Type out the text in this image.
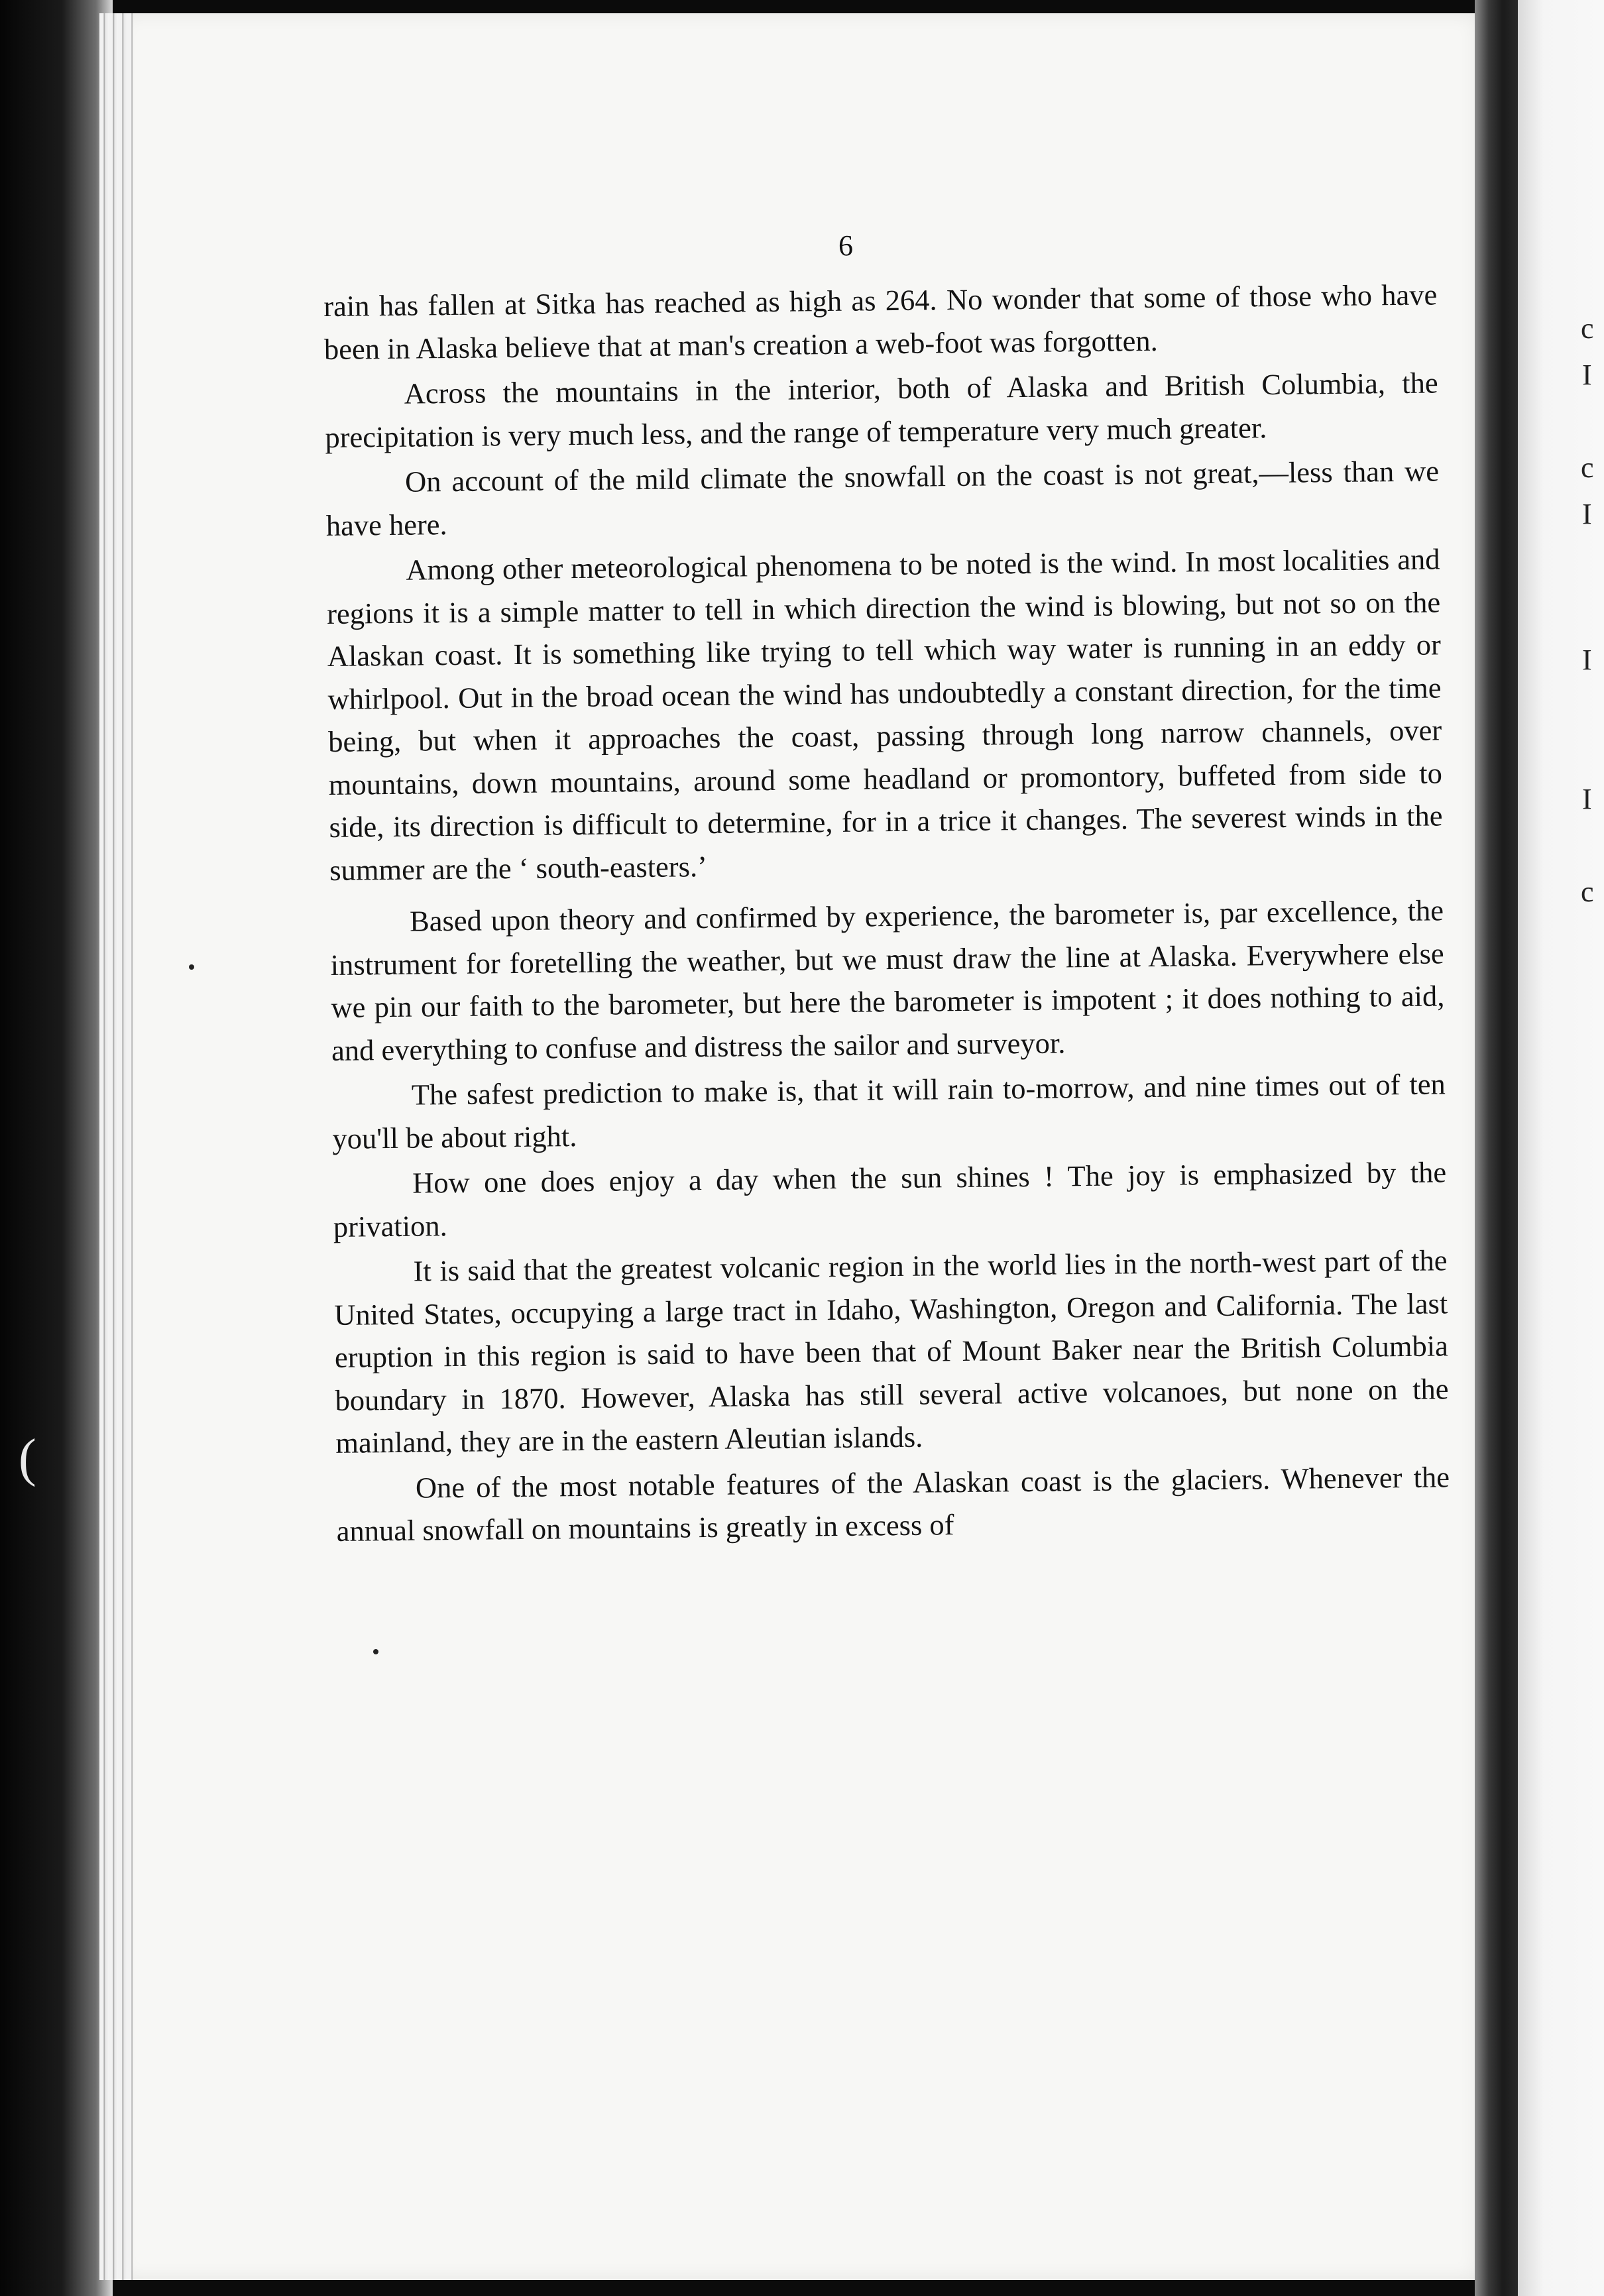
(
6

rain has fallen at Sitka has reached as high as 264. No wonder that some of those who have been in Alaska believe that at man's creation a web-foot was forgotten.

Across the mountains in the interior, both of Alaska and British Columbia, the precipitation is very much less, and the range of temperature very much greater.

On account of the mild climate the snowfall on the coast is not great,—less than we have here.

Among other meteorological phenomena to be noted is the wind. In most localities and regions it is a simple matter to tell in which direction the wind is blowing, but not so on the Alaskan coast. It is something like trying to tell which way water is running in an eddy or whirlpool. Out in the broad ocean the wind has undoubtedly a constant direction, for the time being, but when it approaches the coast, passing through long narrow channels, over mountains, down mountains, around some headland or promontory, buffeted from side to side, its direction is difficult to determine, for in a trice it changes. The severest winds in the summer are the ‘ south-easters.’

Based upon theory and confirmed by experience, the barometer is, par excellence, the instrument for foretelling the weather, but we must draw the line at Alaska. Everywhere else we pin our faith to the barometer, but here the barometer is impotent ; it does nothing to aid, and everything to confuse and distress the sailor and surveyor.

The safest prediction to make is, that it will rain to-morrow, and nine times out of ten you'll be about right.

How one does enjoy a day when the sun shines ! The joy is emphasized by the privation.

It is said that the greatest volcanic region in the world lies in the north-west part of the United States, occupying a large tract in Idaho, Washington, Oregon and California. The last eruption in this region is said to have been that of Mount Baker near the British Columbia boundary in 1870. However, Alaska has still several active volcanoes, but none on the mainland, they are in the eastern Aleutian islands.

One of the most notable features of the Alaskan coast is the glaciers. Whenever the annual snowfall on mountains is greatly in excess of

c
I
c
I
I
I
c
